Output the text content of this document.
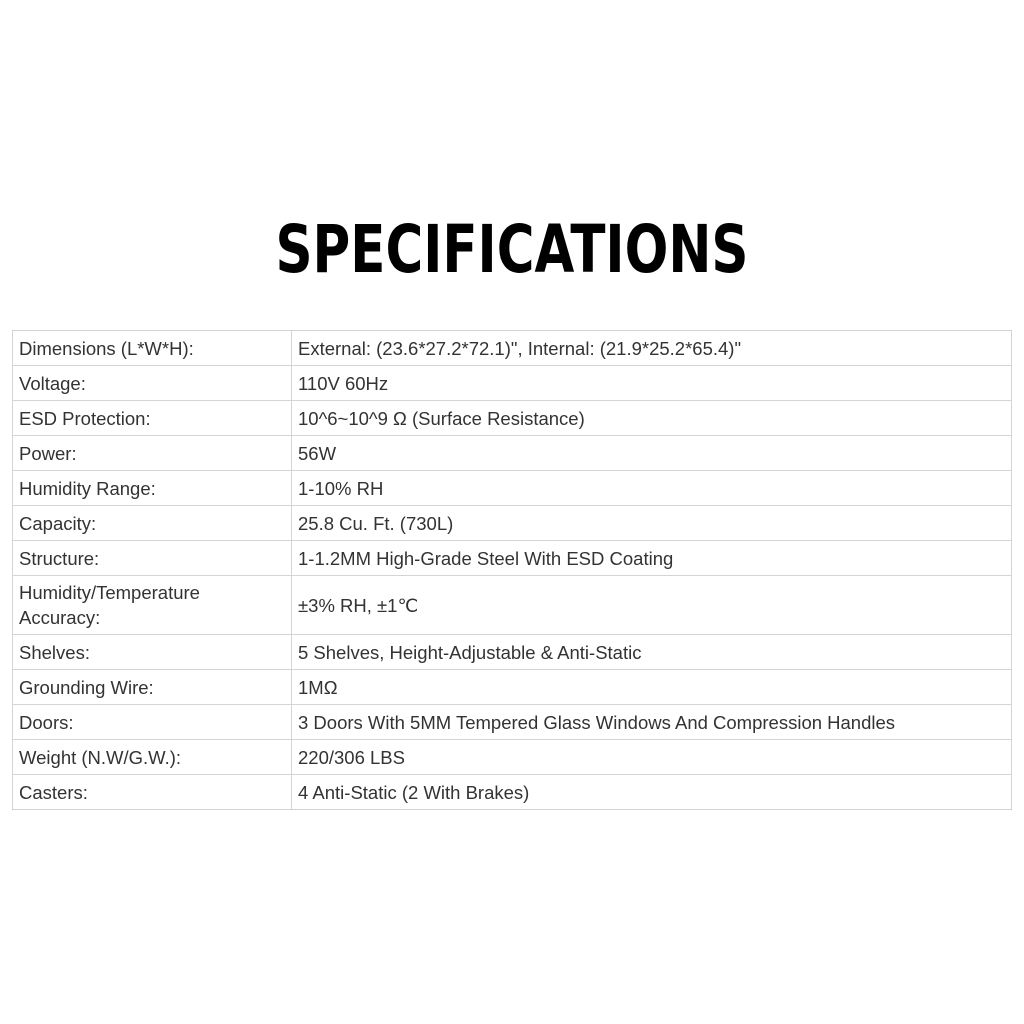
SPECIFICATIONS
Dimensions (L*W*H):	External: (23.6*27.2*72.1)", Internal: (21.9*25.2*65.4)"
Voltage:	110V 60Hz
ESD Protection:	10^6~10^9 Ω (Surface Resistance)
Power:	56W
Humidity Range:	1-10% RH
Capacity:	25.8 Cu. Ft. (730L)
Structure:	1-1.2MM High-Grade Steel With ESD Coating
Humidity/Temperature Accuracy:	±3% RH, ±1℃
Shelves:	5 Shelves, Height-Adjustable & Anti-Static
Grounding Wire:	1MΩ
Doors:	3 Doors With 5MM Tempered Glass Windows And Compression Handles
Weight (N.W/G.W.):	220/306 LBS
Casters:	4 Anti-Static (2 With Brakes)
